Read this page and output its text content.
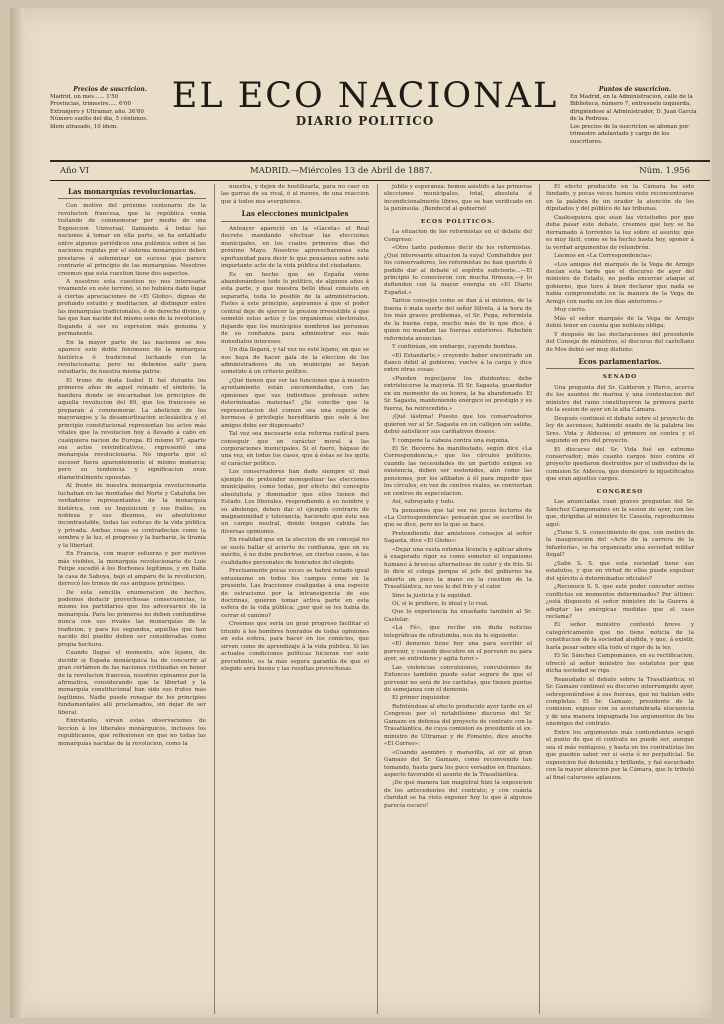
Precios de suscricion.
Madrid, un mes...... 1'50
Provincias, trimestre..... 6'00
Extranjero y Ultramar, año. 36'00
Número suelto del dia, 5 céntimos.
Idem atrasado, 10 idem.
EL ECO NACIONAL
DIARIO POLITICO
Puntos de suscricion.
En Madrid, en la Administracion, calle de la Biblioteca, número 7, entresuelo izquierda, dirigiéndose al Administrador, D. Juan García de la Pedrosa.
Los precios de la suscricion se abonan por trimestre adelantado y cargo de los suscritores.
Año VI	MADRID.—Miércoles 13 de Abril de 1887.	Núm. 1.956
Las monarquías revolucionarias.

Con motivo del próximo centenario de la revolucion francesa, que la república venia tratando de conmemorar por medio de una Exposicion Universal, llamando á todas las naciones á tomar en ella parte, se ha entablado entre algunos periódicos una polémica sobre si las naciones regidas por el sistema monárquico deben prestarse á solemnizar un suceso que parece contrario al principio de las monarquías. Nosotros creemos que esta cuestion tiene dos aspectos.

A nosotros esta cuestion no nos interesaría vivamente en este terreno, si no hubiera dado lugar á ciertas apreciaciones de «El Globo», dignas de profundo estudio y meditacion, al distinguir entre las monarquías tradicionales, ó de derecho divino, y las que han nacido del mismo seno de la revolucion, llegando á ser su expresion más genuina y permanente.

En la mayor parte de las naciones se nos aparece este doble fenómeno de la monarquía histórica ó tradicional luchando con la revolucionaria; pero no debemos salir para estudiarlo, de nuestra misma patria.

El trono de doña Isabel II fué durante los primeros años de aquel reinado el símbolo, la bandera donde se encarnaban los principios de aquella revolucion del 89, que los franceses se preparan á conmemorar. La abolicion de los mayorazgos y la desamortizacion eclesiástica y el principio constitucional representan los actos más vitales que la revolucion hoy á llevado á cabo en cualquiera nacion de Europa. El mismo 97, aparte sus actos reivindicativos, representó una monarquía revolucionaria. No importa que el sucesor fuera aparentemente el mismo monarca; pero su tendencia y significacion eran diametralmente opuestas.

Al frente de nuestra monarquía revolucionaria luchaban en las montañas del Norte y Cataluña los verdaderos representantes de la monarquía histórica, con su Inquisicion y sus frailes, su nobleza y sus diezmos, su absolutismo incontrastable, todas las esferas de la vida pública y privada. Ambas cosas se contradecían como la sombra y la luz, el progreso y la barbarie, la tiranía y la libertad.

En Francia, con mayor esfuerzo y por motivos más visibles, la monarquía revolucionaria de Luis Felipe sucedió á los Borbones legítimos, y en Italia la casa de Saboya, bajo el amparo de la revolucion, derrocó los tronos de sus antiguos príncipes.

De esta sencilla enumeracion de hechos, podemos deducir provechosas consecuencias, lo mismo los partidarios que los adversarios de la monarquía. Para los primeros no deben confundirse nunca con sus rivales las monarquías de la tradicion, y para los segundos, aquellas que han nacido del pueblo deben ser consideradas como propia hechura.

Cuando llegue el momento, aún lejano, de decidir si España monárquica ha de concurrir al gran certámen de las naciones civilizadas en honor de la revolucion francesa, nosotros opinamos por la afirmativa, considerando que la libertad y la monarquía constitucional han sido sus frutos más legítimos. Nadie puede renegar de los principios fundamentales allí proclamados, sin dejar de ser liberal.

Entretanto, sirvan estas observaciones de leccion á los liberales monárquicos, inclusos los republicanos, que reflexionen en que no todas las monarquías nacidas de la revolucion, como la

nuestra, y dejen de hostilizarla, para no caer en las garras de su rival, ó al menos, de una reaccion que á todos nos avergüence.

Las elecciones municipales

Anteayer apareció en la «Gaceta» el Real decreto mandando efectuar las elecciones municipales, en los cuatro primeros dias del próximo Mayo. Nosotros aprovecharemos esta oportunidad para decir lo que pensamos sobre este importante acto de la vida pública del ciudadano.

Es un hecho que en España viene abandonándose todo lo político, de algunos años á esta parte, y que nuestra bello ideal consiste en separarla, toda lo posible de la administracion. Fieles á este principio, aspiramos á que el poder central deje de ejercer la presion irresistible á que sometió estos actos y los organismos electorales, dejando que los municipios nombren las personas de su confianza para administrar sus más inmediatos intereses.

Un dia llegará, y tal vez no esté lejano, en que se nos haya de hacer gala de la eleccion de los administradores de un municipio se hayan sometido á un criterio político.

¿Qué tienen que ver las funciones que á nuestro ayuntamiento están encomendadas, con las opiniones que sus individuos profesan sobre determinadas materias? ¿Se concibe que la representacion del comun sea una especie de hermosa ó privilegio hereditario que solo á los amigos debe ser dispensado?

Tal vez sea necesaria esta reforma radical para conseguir que un carácter moral á las corporaciones municipales. Si el fuero, hágase de una vez, en todos los casos, que á éstas se les quite el carácter político.

Los conservadores han dado siempre el mal ejemplo de pretender monopolizar las elecciones municipales, como todas, por efecto del concepto absolutista y dominador que ellos tienen del Estado. Los liberales, respondiendo á su nombre y su abolengo, deben dar el ejemplo contrario de magnanimidad y tolerancia, haciendo que éste sea un campo neutral, donde tengan cabida las diversas opiniones.

En realidad que en la eleccion de un concejal no se suele hallar el acierto de confianza, que en su mérito, ó no debe preferirse, en ciertos casos, á las cualidades personales de honradez del elegido.

Precisamente pocas veces se habrá notado igual entusiasmo en todos los campos como en la presente. Las fracciones coaligadas á una especie de ostracismo por la intransigencia de sus doctrinas, quieren tomar activa parte en esta esfera de la vida pública; ¿por qué se les había de cerrar el camino?

Creemos que sería un gran progreso facilitar el triunfo á los hombres honrados de todas opiniones en esta esfera, para hacer en los comicios, que sirven como de aprendizaje á la vida pública. Si las actuales condiciones políticas hicieran ver este precedente, es la más segura garantía de que el elegido será bueno y las resultas provechosas.

júbilo y esperanza: hemos asistido á las primeras elecciones municipales, total, absoluta é incondicionalmente libres, que se han verificado en la península. ¡Bendecid al gobierno!

ECOS POLITICOS.

La situacion de los reformistas en el debate del Congreso:

«Otro tanto podemos decir de los reformistas. ¿Qué interesante situacion la suya! Combatidos por los conservadores, los reformistas no han querido ó podido dar al debate el espíritu suficiente...—El principio lo conocieron con mucha firmeza,—y lo defienden con la mayor energía en «El Diario Español.»

Tantos consejos como se dan á sí mismos, de la buena ó mala suerte del señor Silvela, á la hora de los más graves problemas, el Sr. Puga, reformista de la buena cepa, mucho más de lo que dice, á quien no mandan las fuerzas exteriores. Rebelión reformista anuncian.

Y continúan, sin embargo, cayendo bombas.

«El Estandarte,» creyendo haber encontrado un flanco débil al gobierno, vuelve á la carga y dice entre otras cosas:

«Pueden regocijarse los disidentes; debe entristecerse la mayoría. El Sr. Sagasta, guardador en un momento de su honra, la ha abandonado. El Sr. Sagasta, manteniendo enérgico su prestigio y su fuerza, ha retrocedido.»

¡Qué lástima! Puesto que los conservadores quieren ver al Sr. Sagasta en un callejon sin salida, debió satisfacer sus cariñativos deseos.

Y compone la cabeza contra una esquina.

El Sr. Becerra ha manifestado, según dice «La Correspondencia,» que los círculos políticos, cuando las necesidades de un partido exigen su existencia, deben ser sostenidos, aún como las pensiones, por los afiliados á él para impedir que los círculos, en vez de centros reales, se conviertan en centros de especulacion.

Así, subrayado y todo.

Ya pensamos que tal vez no pocos lectores de «La Correspondencia» pensarán que se escribió lo que se dice, pero no lo que se hace.

Pretendiendo dar amistosos consejos al señor Sagasta, dice «El Globo»:

«Dejar una vasta extensa licencia y aplicar ahora á exagerado rigor es como someter el organismo humano á bruscas alternativas de calor y de frío. Si lo dice el colega porque el jefe del gobierno ha abierto un poco la mano en la cuestion de la Trasatlántica, no veo lo del frío y el calor.

Sino la justicia y la equidad.

Oí, si le prefiere, lo ideal y lo real.

Que lo experiencia ha enseñado también al Sr. Castelar.

«La Fé», que recibe sin duda noticias telegráficas de ultratumba, nos da lo siguiente:

«El demonio tiene hoy una para escribir el porvenir, y cuando descubre en el porvenir no para ayer, se entretiene y agita furor.»

Las violencias convulsiones, convulsiones de Entonces también puede estar seguro de que el porvenir no será de los carlistas, que tienen puntos de semejanza con el demonio.

El primer inquisidor.

Refiriéndose al efecto producido ayer tarde en el Congreso por el notabilísimo discurso del Sr. Gamazo en defensa del proyecto de contrato con la Trasatlántica, de cuya comision es presidente el ex-ministro de Ultramar y de Fomento, dice anoche «El Correo»:

«Cuando asombro y maravilla, al oír al gran Gamazo del Sr. Gamazo, como reconvenido tan tomando, hasta para los poco versados en finanzas, aspecto favorable el asunto de la Trasatlántica.

¡De qué manera tan magistral hizo la exposicion de los antecedentes del contrato; y con cuánta claridad se ha visto exponer hoy lo que á algunos parecía oscuro!

El efecto producido en la Cámara ha sido fundado, y pocas veces hemos visto reconcentrarse en la palabra de un orador la atención de los diputados y del público de las tribunas.

Cualesquiera que sean las vicisitudes por que deba pasar este debate, creemos que hoy se ha derramado á torrentes la luz sobre el asunto; que es muy fácil, como se ha hecho hasta hoy, oponer á la verdad argumentos de relumbrón.

Leemos en «La Correspondencia»:

«Los amigos del marqués de la Vega de Armijo decían esta tarde que el discurso de ayer del ministro de Estado, no podía encerrar ataque al gobierno, que tuvo á bien declarar que nada se había comprometido en la manera de la Vega de Armijo con nadie en los días anteriores.»

Muy cierto.

Más el señor marqués de la Vega de Armijo debió tener en cuenta que nobleza obliga.

Y después de las declaraciones del presidente del Consejo de ministros, el discurso del castellano de Mos debió ser muy distinto.

Ecos parlamentarios.
SENADO

Una pregunta del Sr. Calderon y Herce, acerca de los asuntos de marina y una contestacion del ministro del ramo constituyeron la primera parte de la sesion de ayer en la alta Cámara.

Después continuó el debate sobre el proyecto de ley de ascensos; habiendo usado de la palabra los Sres. Vida y Aldecoa; el primero en contra y el segundo en pro del proyecto.

El discurso del Sr. Vida fué en extremo conservador; más cuanto cargos hizo contra el proyecto quedaron destruidos por el individuo de la comision Sr. Aldecoa, que demostró lo injustificados que eran aquellos cargos.

CONGRESO

Las anunciadas cuan graves preguntas del Sr. Sánchez Campomanes en la sesion de ayer, con los que, dirigidas al ministro Sr. Cassola, reproducimos aquí:

¿Tiene S. S. conocimiento de que, con motivo de la inauguracion del «Acto de la carrera de la Infantería», se ha organizado una sociedad militar ilegal?

¿Sabe S. S. que esta sociedad tiene sus estatutos, y que en virtud de ellos puede expulsar del ejército á determinados oficiales?

¿Reconoce S. S. que este poder conceder serios conflictos en momentos determinados? Por último: ¿está dispuesto el señor ministro de la Guerra á adoptar las enérgicas medidas que el caso reclama?

El señor ministro contestó breve y categóricamente que no tiene noticia de la constitucion de la sociedad aludida, y que, á existir, haría pesar sobre ella todo el rigor de la ley.

El Sr. Sánchez Campomanes, en su rectificacion, ofreció al señor ministro los estatutos por que dicha sociedad se rige.

Reanudado el debate sobre la Trasatlántica, el Sr. Gamazo continuó su discurso interrumpido ayer, sobreponiéndose á sus fuerzas, que no habían sido completas. El Sr. Gamazo, presidente de la comision, expuso con su acostumbrada elocuencia y de una manera impugnada los argumentos de los enemigos del contrato.

Entre los argumentos más contundentes ocupó el punto de que el contrato no puede ser, aunque sea el más ventajoso, y hasta en los contratistas los que pueden saber ver si sería ó no perjudicial. Su exposicion fué detenida y brillante, y fué escuchado con la mayor atencion por la Cámara, que le tributó al final calurosos aplausos.
